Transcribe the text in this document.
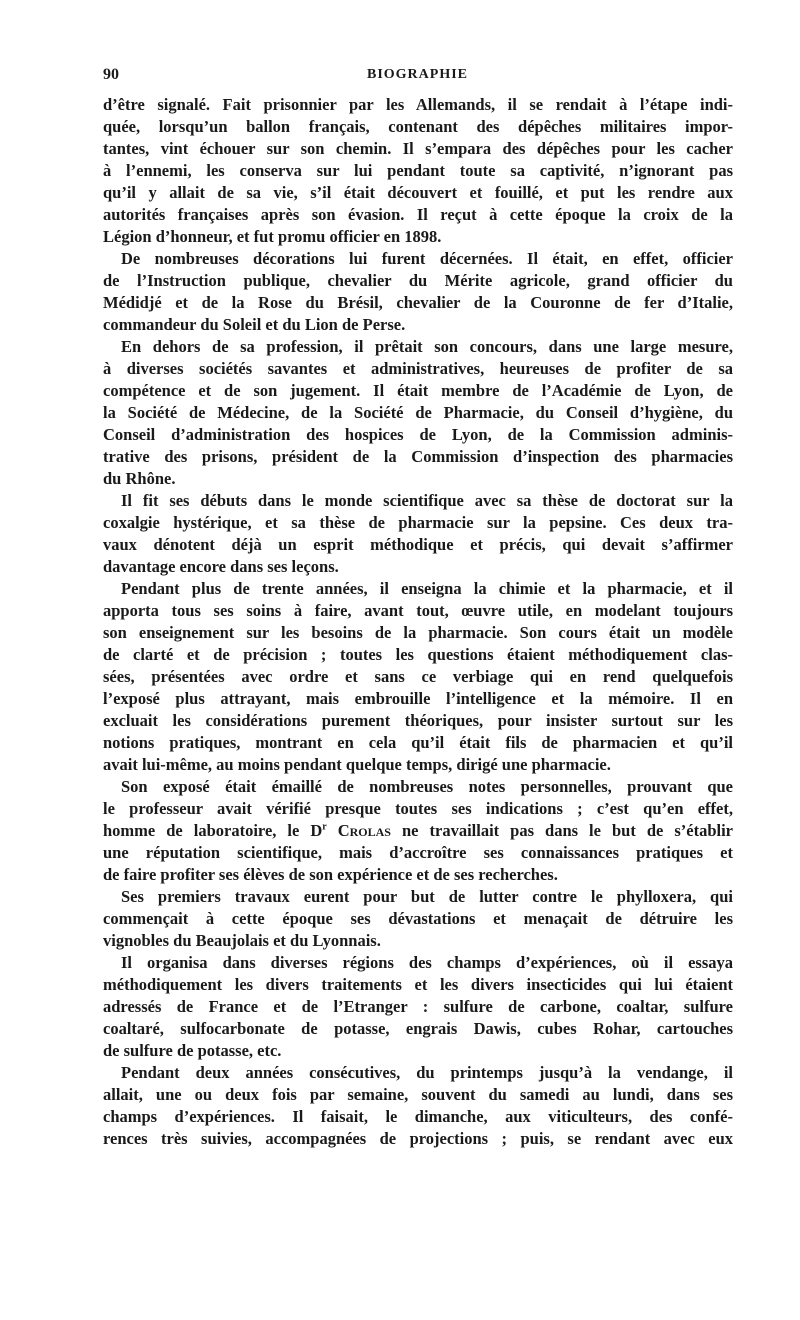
90	BIOGRAPHIE
d’être signalé. Fait prisonnier par les Allemands, il se rendait à l’étape indi-
quée, lorsqu’un ballon français, contenant des dépêches militaires impor-
tantes, vint échouer sur son chemin. Il s’empara des dépêches pour les cacher
à l’ennemi, les conserva sur lui pendant toute sa captivité, n’ignorant pas
qu’il y allait de sa vie, s’il était découvert et fouillé, et put les rendre aux
autorités françaises après son évasion. Il reçut à cette époque la croix de la
Légion d’honneur, et fut promu officier en 1898.
De nombreuses décorations lui furent décernées. Il était, en effet, officier
de l’Instruction publique, chevalier du Mérite agricole, grand officier du
Médidjé et de la Rose du Brésil, chevalier de la Couronne de fer d’Italie,
commandeur du Soleil et du Lion de Perse.
En dehors de sa profession, il prêtait son concours, dans une large mesure,
à diverses sociétés savantes et administratives, heureuses de profiter de sa
compétence et de son jugement. Il était membre de l’Académie de Lyon, de
la Société de Médecine, de la Société de Pharmacie, du Conseil d’hygiène, du
Conseil d’administration des hospices de Lyon, de la Commission adminis-
trative des prisons, président de la Commission d’inspection des pharmacies
du Rhône.
Il fit ses débuts dans le monde scientifique avec sa thèse de doctorat sur la
coxalgie hystérique, et sa thèse de pharmacie sur la pepsine. Ces deux tra-
vaux dénotent déjà un esprit méthodique et précis, qui devait s’affirmer
davantage encore dans ses leçons.
Pendant plus de trente années, il enseigna la chimie et la pharmacie, et il
apporta tous ses soins à faire, avant tout, œuvre utile, en modelant toujours
son enseignement sur les besoins de la pharmacie. Son cours était un modèle
de clarté et de précision ; toutes les questions étaient méthodiquement clas-
sées, présentées avec ordre et sans ce verbiage qui en rend quelquefois
l’exposé plus attrayant, mais embrouille l’intelligence et la mémoire. Il en
excluait les considérations purement théoriques, pour insister surtout sur les
notions pratiques, montrant en cela qu’il était fils de pharmacien et qu’il
avait lui-même, au moins pendant quelque temps, dirigé une pharmacie.
Son exposé était émaillé de nombreuses notes personnelles, prouvant que
le professeur avait vérifié presque toutes ses indications ; c’est qu’en effet,
homme de laboratoire, le $D^r$ Crolas ne travaillait pas dans le but de s’établir
une réputation scientifique, mais d’accroître ses connaissances pratiques et
de faire profiter ses élèves de son expérience et de ses recherches.
Ses premiers travaux eurent pour but de lutter contre le phylloxera, qui
commençait à cette époque ses dévastations et menaçait de détruire les
vignobles du Beaujolais et du Lyonnais.
Il organisa dans diverses régions des champs d’expériences, où il essaya
méthodiquement les divers traitements et les divers insecticides qui lui étaient
adressés de France et de l’Etranger : sulfure de carbone, coaltar, sulfure
coaltaré, sulfocarbonate de potasse, engrais Dawis, cubes Rohar, cartouches
de sulfure de potasse, etc.
Pendant deux années consécutives, du printemps jusqu’à la vendange, il
allait, une ou deux fois par semaine, souvent du samedi au lundi, dans ses
champs d’expériences. Il faisait, le dimanche, aux viticulteurs, des confé-
rences très suivies, accompagnées de projections ; puis, se rendant avec eux
